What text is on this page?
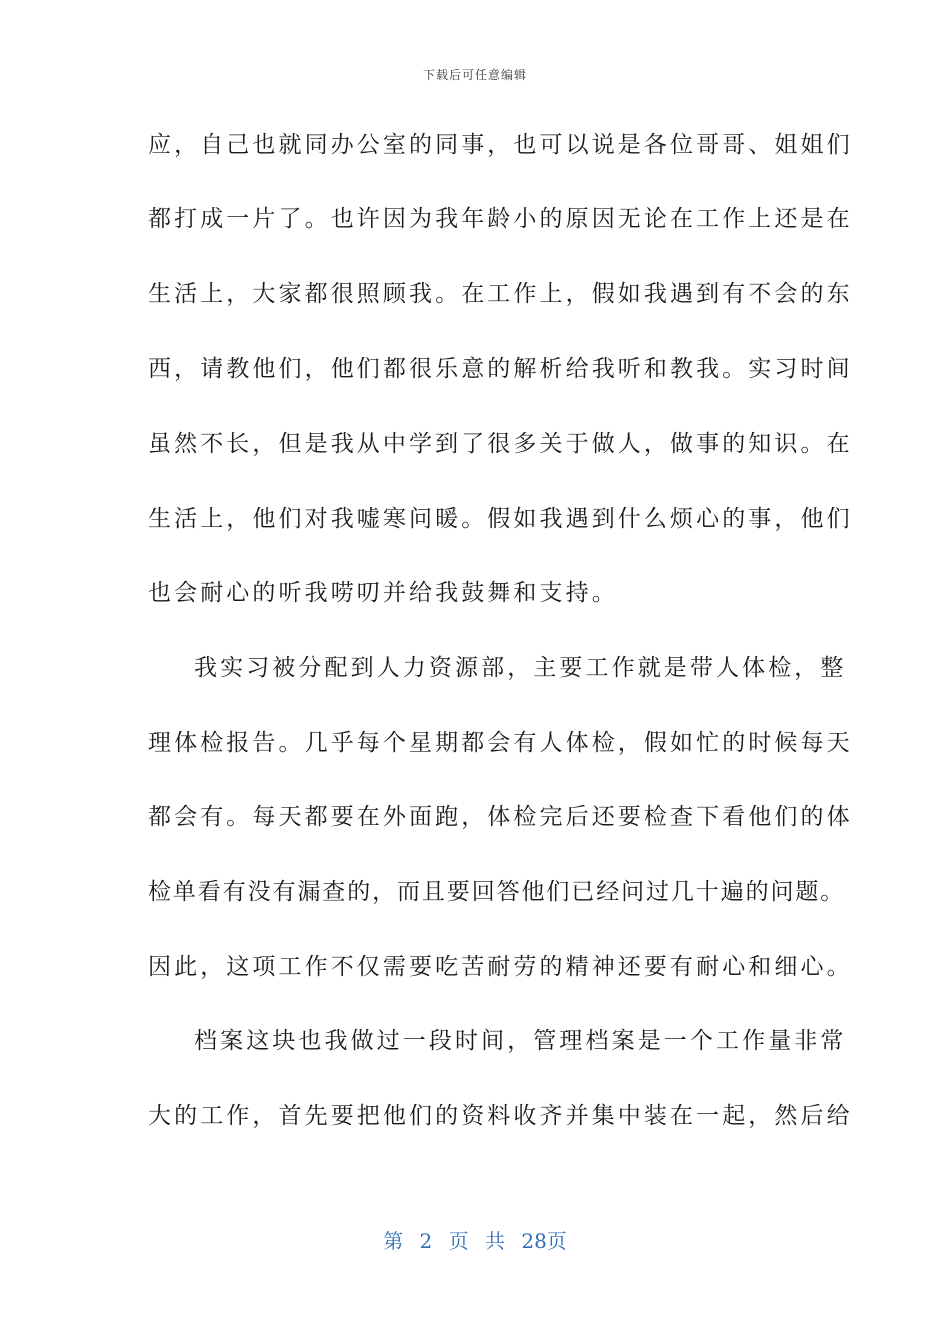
下载后可任意编辑
应，自己也就同办公室的同事，也可以说是各位哥哥、姐姐们
都打成一片了。也许因为我年龄小的原因无论在工作上还是在
生活上，大家都很照顾我。在工作上，假如我遇到有不会的东
西，请教他们，他们都很乐意的解析给我听和教我。实习时间
虽然不长，但是我从中学到了很多关于做人，做事的知识。在
生活上，他们对我嘘寒问暖。假如我遇到什么烦心的事，他们
也会耐心的听我唠叨并给我鼓舞和支持。
我实习被分配到人力资源部，主要工作就是带人体检，整
理体检报告。几乎每个星期都会有人体检，假如忙的时候每天
都会有。每天都要在外面跑，体检完后还要检查下看他们的体
检单看有没有漏查的，而且要回答他们已经问过几十遍的问题。
因此，这项工作不仅需要吃苦耐劳的精神还要有耐心和细心。
档案这块也我做过一段时间，管理档案是一个工作量非常
大的工作，首先要把他们的资料收齐并集中装在一起，然后给
第 2 页 共 28页
